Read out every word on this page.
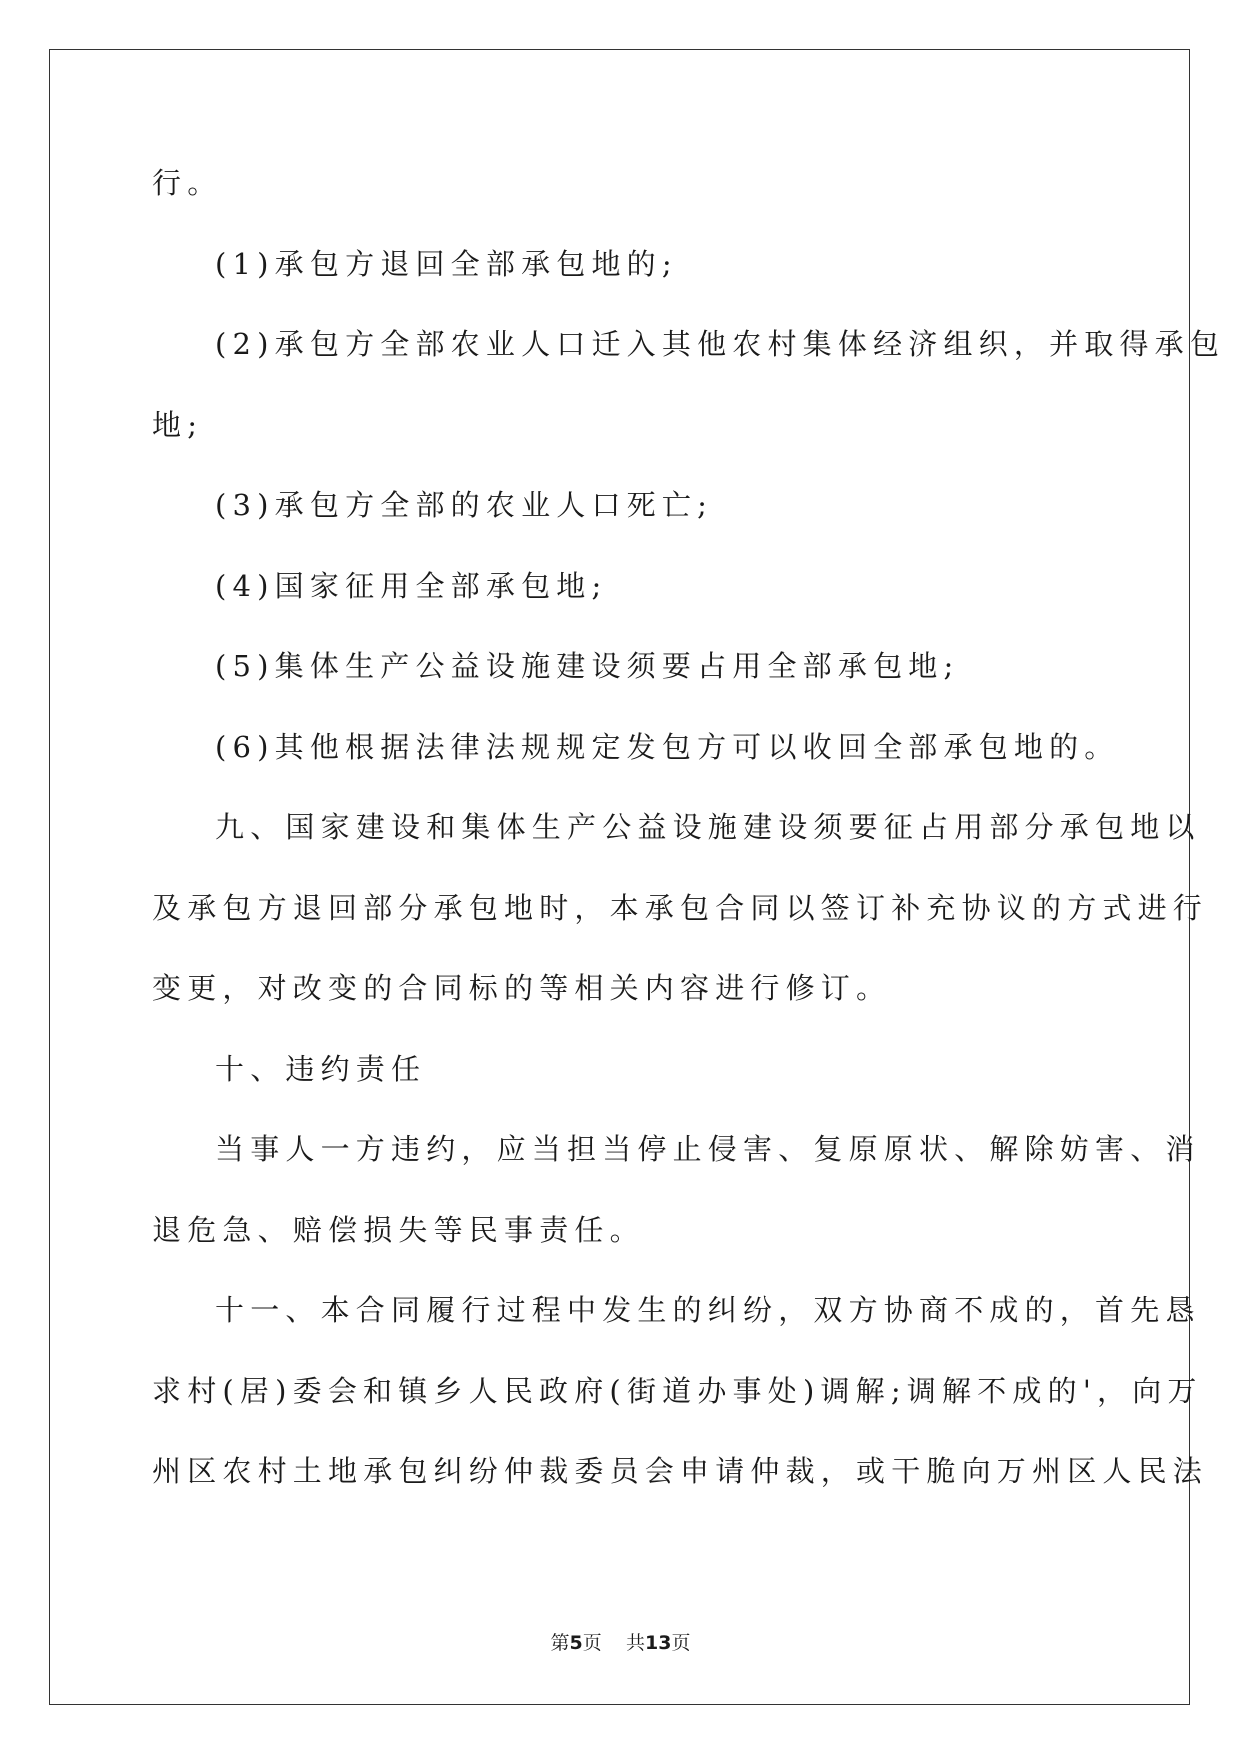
行。
(1)承包方退回全部承包地的;
(2)承包方全部农业人口迁入其他农村集体经济组织，并取得承包
地;
(3)承包方全部的农业人口死亡;
(4)国家征用全部承包地;
(5)集体生产公益设施建设须要占用全部承包地;
(6)其他根据法律法规规定发包方可以收回全部承包地的。
九、国家建设和集体生产公益设施建设须要征占用部分承包地以
及承包方退回部分承包地时，本承包合同以签订补充协议的方式进行
变更，对改变的合同标的等相关内容进行修订。
十、违约责任
当事人一方违约，应当担当停止侵害、复原原状、解除妨害、消
退危急、赔偿损失等民事责任。
十一、本合同履行过程中发生的纠纷，双方协商不成的，首先恳
求村(居)委会和镇乡人民政府(街道办事处)调解;调解不成的'，向万
州区农村土地承包纠纷仲裁委员会申请仲裁，或干脆向万州区人民法
第5页 共13页
